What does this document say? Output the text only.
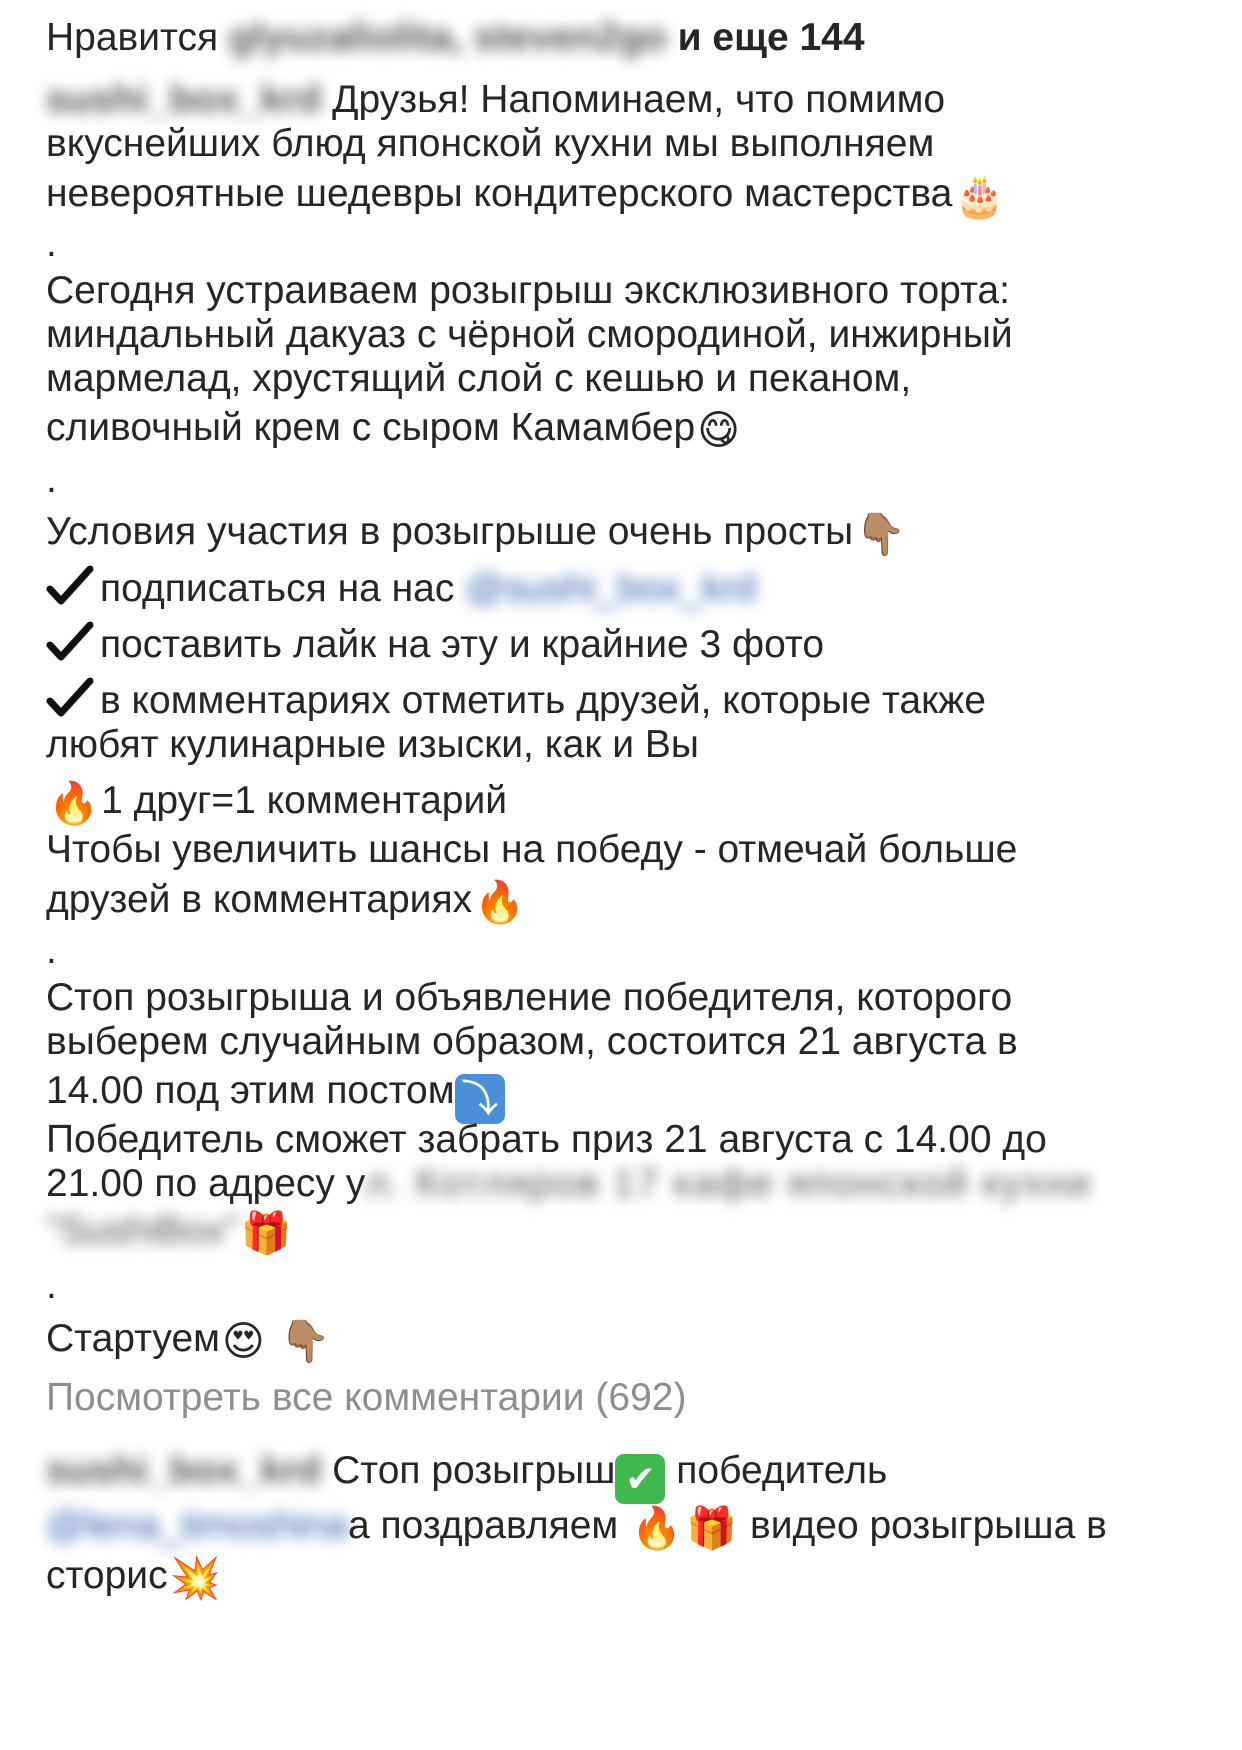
Нравится glyuzaliolita, steven2go и еще 144
sushi_box_krd Друзья! Напоминаем, что помимо
вкуснейших блюд японской кухни мы выполняем
невероятные шедевры кондитерского мастерства🎂
.
Сегодня устраиваем розыгрыш эксклюзивного торта:
миндальный дакуаз с чёрной смородиной, инжирный
мармелад, хрустящий слой с кешью и пеканом,
сливочный крем с сыром Камамбер😋
.
Условия участия в розыгрыше очень просты👇🏽
подписаться на нас @sushi_box_krd
поставить лайк на эту и крайние 3 фото
в комментариях отметить друзей, которые также
любят кулинарные изыски, как и Вы
🔥1 друг=1 комментарий
Чтобы увеличить шансы на победу - отмечай больше
друзей в комментариях🔥
.
Стоп розыгрыша и объявление победителя, которого
выберем случайным образом, состоится 21 августа в
14.00 под этим постом ⤵
Победитель сможет забрать приз 21 августа с 14.00 до
21.00 по адресу ул. Котляров 17 кафе японской кухни
"SushiBox"🎁
.
Стартуем😍 👇🏽
Посмотреть все комментарии (692)
sushi_box_krd Стоп розыгрыш ✔ победитель
@lena_timoshinaа поздравляем 🔥🎁 видео розыгрыша в
сторис💥
